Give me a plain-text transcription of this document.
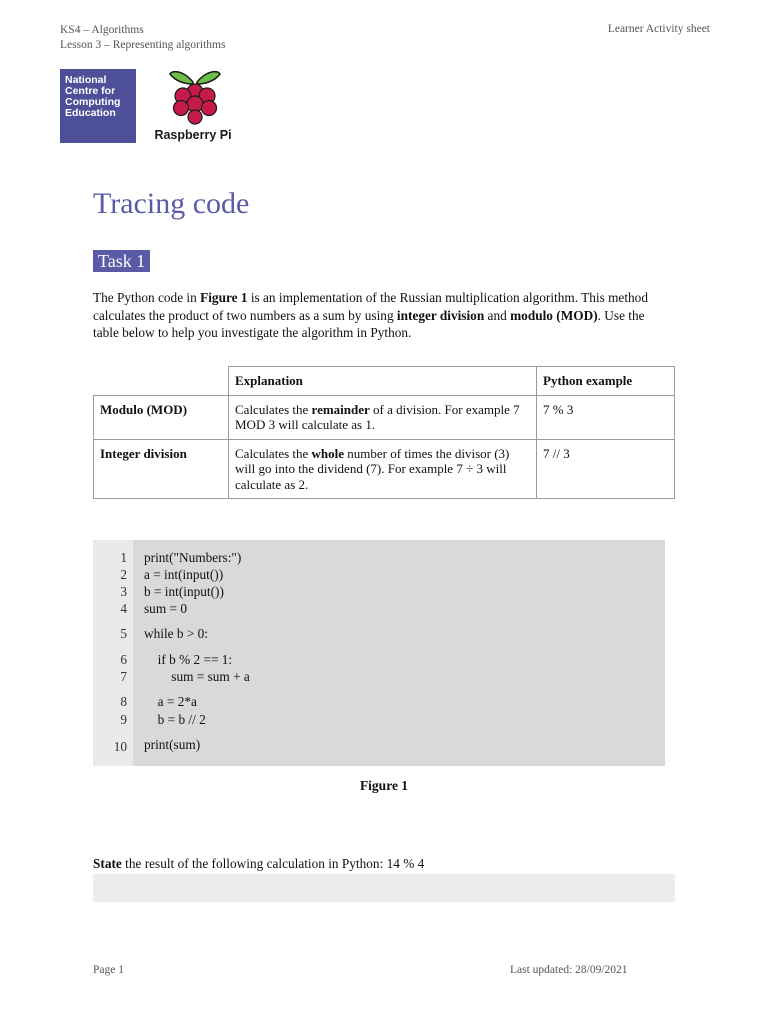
KS4 – Algorithms
Lesson 3 – Representing algorithms
Learner Activity sheet
National
Centre for
Computing
Education
Raspberry Pi
Tracing code
Task 1
The Python code in Figure 1 is an implementation of the Russian multiplication algorithm. This method calculates the product of two numbers as a sum by using integer division and modulo (MOD). Use the table below to help you investigate the algorithm in Python.
	Explanation	Python example
Modulo (MOD)	Calculates the remainder of a division. For example 7 MOD 3 will calculate as 1.	7 % 3
Integer division	Calculates the whole number of times the divisor (3) will go into the dividend (7). For example 7 ÷ 3 will calculate as 2.	7 // 3
1 print("Numbers:")
2 a = int(input())
3 b = int(input())
4 sum = 0
5 while b > 0:
6 if b % 2 == 1:
7 sum = sum + a
8 a = 2*a
9 b = b // 2
10 print(sum)
Figure 1
State the result of the following calculation in Python: 14 % 4
Page 1	Last updated: 28/09/2021
